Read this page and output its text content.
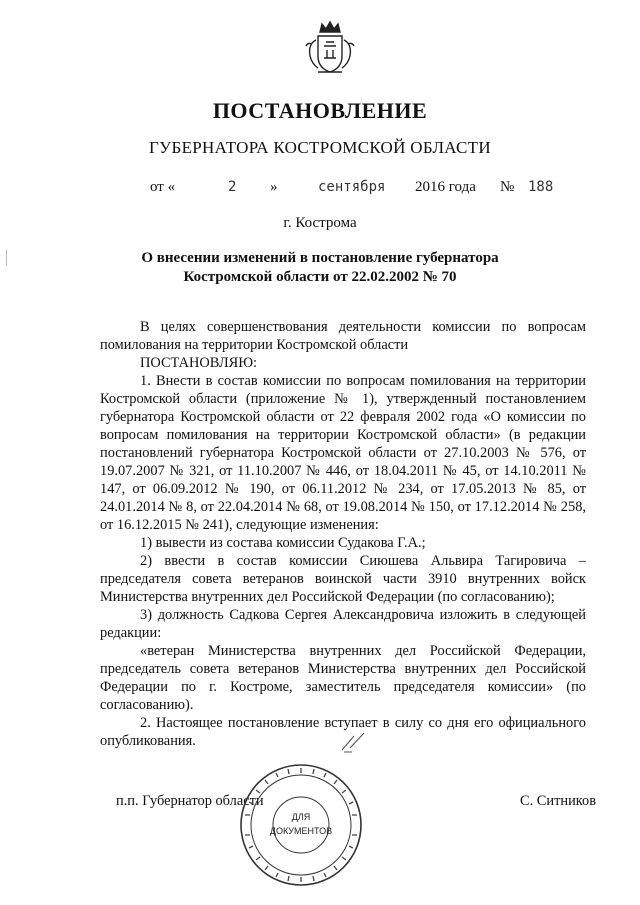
ПОСТАНОВЛЕНИЕ
ГУБЕРНАТОРА КОСТРОМСКОЙ ОБЛАСТИ
от «	2 »	сентября 2016 года № 188
г. Кострома
О внесении изменений в постановление губернатора
Костромской области от 22.02.2002 № 70

В целях совершенствования деятельности комиссии по вопросам помилования на территории Костромской области

ПОСТАНОВЛЯЮ:

1. Внести в состав комиссии по вопросам помилования на территории Костромской области (приложение № 1), утвержденный постановлением губернатора Костромской области от 22 февраля 2002 года «О комиссии по вопросам помилования на территории Костромской области» (в редакции постановлений губернатора Костромской области от 27.10.2003 № 576, от 19.07.2007 № 321, от 11.10.2007 № 446, от 18.04.2011 № 45, от 14.10.2011 № 147, от 06.09.2012 № 190, от 06.11.2012 № 234, от 17.05.2013 № 85, от 24.01.2014 № 8, от 22.04.2014 № 68, от 19.08.2014 № 150, от 17.12.2014 № 258, от 16.12.2015 № 241), следующие изменения:

1) вывести из состава комиссии Судакова Г.А.;

2) ввести в состав комиссии Сиюшева Альвира Тагировича – председателя совета ветеранов воинской части 3910 внутренних войск Министерства внутренних дел Российской Федерации (по согласованию);

3) должность Садкова Сергея Александровича изложить в следующей редакции:

«ветеран Министерства внутренних дел Российской Федерации, председатель совета ветеранов Министерства внутренних дел Российской Федерации по г. Костроме, заместитель председателя комиссии» (по согласованию).

2. Настоящее постановление вступает в силу со дня его официального опубликования.

п.п. Губернатор области	С. Ситников
ДЛЯ
ДОКУМЕНТОВ
